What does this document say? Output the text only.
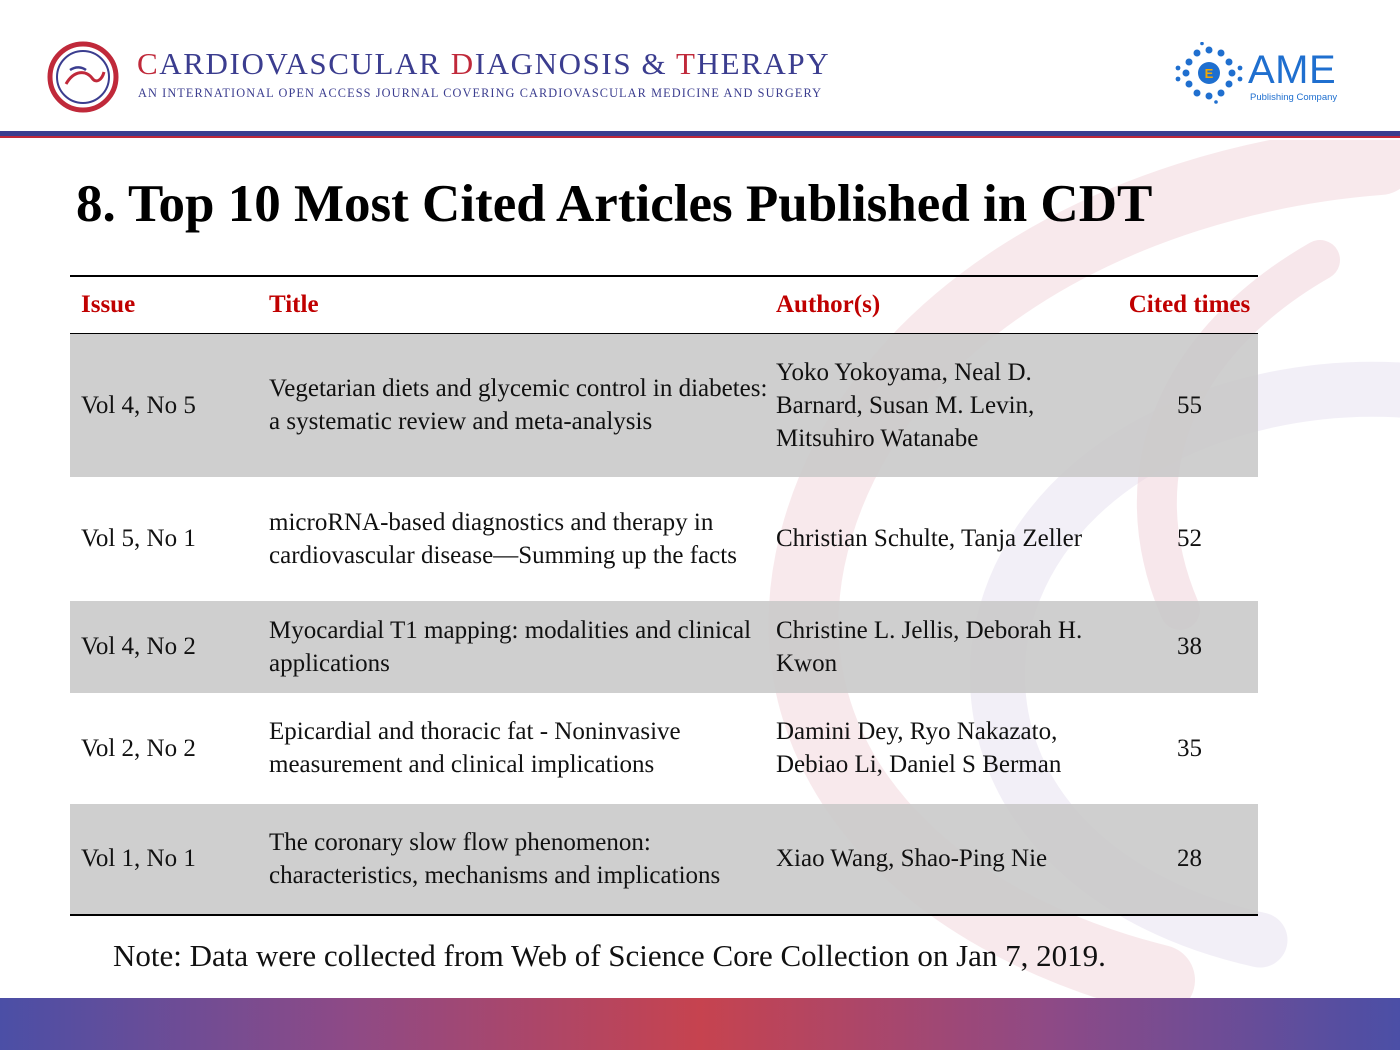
CARDIOVASCULAR DIAGNOSIS & THERAPY
AN INTERNATIONAL OPEN ACCESS JOURNAL COVERING CARDIOVASCULAR MEDICINE AND SURGERY
E AME
Publishing Company
8. Top 10 Most Cited Articles Published in CDT
Issue	Title	Author(s)	Cited times
Vol 4, No 5	Vegetarian diets and glycemic control in diabetes: a systematic review and meta-analysis	Yoko Yokoyama, Neal D. Barnard, Susan M. Levin, Mitsuhiro Watanabe	55
Vol 5, No 1	microRNA-based diagnostics and therapy in cardiovascular disease—Summing up the facts	Christian Schulte, Tanja Zeller	52
Vol 4, No 2	Myocardial T1 mapping: modalities and clinical applications	Christine L. Jellis, Deborah H. Kwon	38
Vol 2, No 2	Epicardial and thoracic fat - Noninvasive measurement and clinical implications	Damini Dey, Ryo Nakazato, Debiao Li, Daniel S Berman	35
Vol 1, No 1	The coronary slow flow phenomenon: characteristics, mechanisms and implications	Xiao Wang, Shao-Ping Nie	28
Note: Data were collected from Web of Science Core Collection on Jan 7, 2019.
